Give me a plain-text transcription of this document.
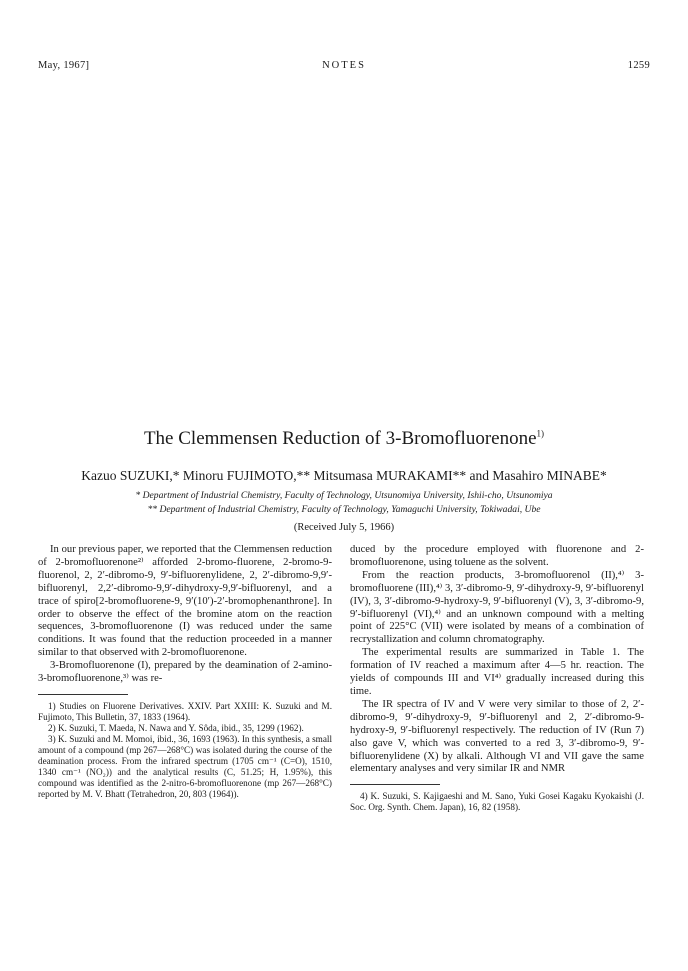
May, 1967]	NOTES	1259
The Clemmensen Reduction of 3-Bromofluorenone$^{1)}$
Kazuo SUZUKI,* Minoru FUJIMOTO,** Mitsumasa MURAKAMI** and Masahiro MINABE*
* Department of Industrial Chemistry, Faculty of Technology, Utsunomiya University, Ishii-cho, Utsunomiya
** Department of Industrial Chemistry, Faculty of Technology, Yamaguchi University, Tokiwadai, Ube
(Received July 5, 1966)

In our previous paper, we reported that the Clemmensen reduction of 2-bromofluorenone²⁾ afforded 2-bromo-fluorene, 2-bromo-9-fluorenol, 2, 2′-dibromo-9, 9′-bifluorenylidene, 2, 2′-dibromo-9,9′-bifluorenyl, 2,2′-dibromo-9,9′-dihydroxy-9,9′-bifluorenyl, and a trace of spiro[2-bromofluorene-9, 9′(10′)-2′-bromophenanthrone]. In order to observe the effect of the bromine atom on the reaction sequences, 3-bromofluorenone (I) was reduced under the same conditions. It was found that the reduction proceeded in a manner similar to that observed with 2-bromofluorenone.

3-Bromofluorenone (I), prepared by the deamination of 2-amino-3-bromofluorenone,³⁾ was re-

1) Studies on Fluorene Derivatives. XXIV. Part XXIII: K. Suzuki and M. Fujimoto, This Bulletin, 37, 1833 (1964).

2) K. Suzuki, T. Maeda, N. Nawa and Y. Sôda, ibid., 35, 1299 (1962).

3) K. Suzuki and M. Momoi, ibid., 36, 1693 (1963). In this synthesis, a small amount of a compound (mp 267—268°C) was isolated during the course of the deamination process. From the infrared spectrum (1705 cm⁻¹ (C=O), 1510, 1340 cm⁻¹ (NO₂)) and the analytical results (C, 51.25; H, 1.95%), this compound was identified as the 2-nitro-6-bromofluorenone (mp 267—268°C) reported by M. V. Bhatt (Tetrahedron, 20, 803 (1964)).

duced by the procedure employed with fluorenone and 2-bromofluorenone, using toluene as the solvent.

From the reaction products, 3-bromofluorenol (II),⁴⁾ 3-bromofluorene (III),⁴⁾ 3, 3′-dibromo-9, 9′-dihydroxy-9, 9′-bifluorenyl (IV), 3, 3′-dibromo-9-hydroxy-9, 9′-bifluorenyl (V), 3, 3′-dibromo-9, 9′-bifluorenyl (VI),⁴⁾ and an unknown compound with a melting point of 225°C (VII) were isolated by means of a combination of recrystallization and column chromatography.

The experimental results are summarized in Table 1. The formation of IV reached a maximum after 4—5 hr. reaction. The yields of compounds III and VI⁴⁾ gradually increased during this time.

The IR spectra of IV and V were very similar to those of 2, 2′-dibromo-9, 9′-dihydroxy-9, 9′-bifluorenyl and 2, 2′-dibromo-9-hydroxy-9, 9′-bifluorenyl respectively. The reduction of IV (Run 7) also gave V, which was converted to a red 3, 3′-dibromo-9, 9′-bifluorenylidene (X) by alkali. Although VI and VII gave the same elementary analyses and very similar IR and NMR

4) K. Suzuki, S. Kajigaeshi and M. Sano, Yuki Gosei Kagaku Kyokaishi (J. Soc. Org. Synth. Chem. Japan), 16, 82 (1958).
